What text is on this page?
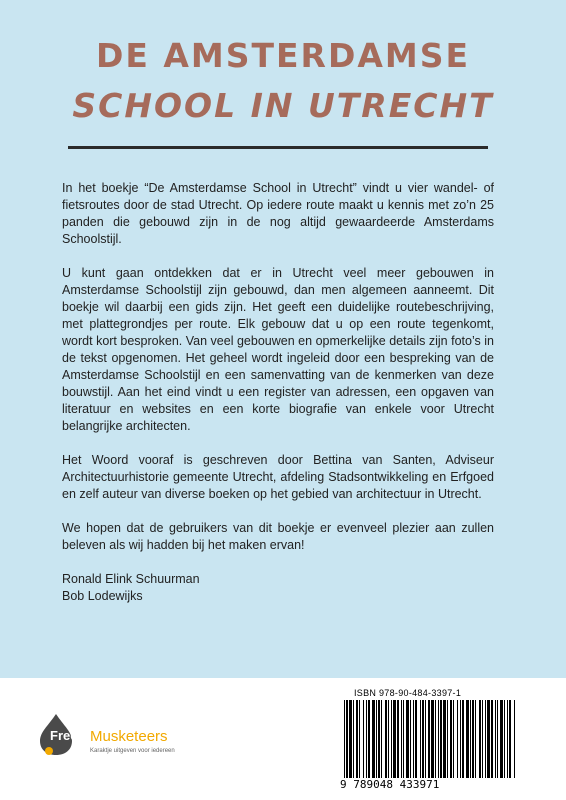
DE AMSTERDAMSE
SCHOOL IN UTRECHT

In het boekje “De Amsterdamse School in Utrecht” vindt u vier wandel- of fietsroutes door de stad Utrecht. Op iedere route maakt u kennis met zo’n 25 panden die gebouwd zijn in de nog altijd gewaardeerde Amsterdams Schoolstijl.

U kunt gaan ontdekken dat er in Utrecht veel meer gebouwen in Amsterdamse Schoolstijl zijn gebouwd, dan men algemeen aanneemt. Dit boekje wil daarbij een gids zijn. Het geeft een duidelijke routebeschrijving, met plattegrondjes per route. Elk gebouw dat u op een route tegenkomt, wordt kort besproken. Van veel gebouwen en opmerkelijke details zijn foto’s in de tekst opgenomen. Het geheel wordt ingeleid door een bespreking van de Amsterdamse Schoolstijl en een samenvatting van de kenmerken van deze bouwstijl. Aan het eind vindt u een register van adressen, een opgaven van literatuur en websites en een korte biografie van enkele voor Utrecht belangrijke architecten.

Het Woord vooraf is geschreven door Bettina van Santen, Adviseur Architectuurhistorie gemeente Utrecht, afdeling Stadsontwikkeling en Erfgoed en zelf auteur van diverse boeken op het gebied van architectuur in Utrecht.

We hopen dat de gebruikers van dit boekje er evenveel plezier aan zullen beleven als wij hadden bij het maken ervan!

Ronald Elink Schuurman

Bob Lodewijks

Free Musketeers
Karaktje uitgeven voor iedereen
ISBN 978-90-484-3397-1
9 789048 433971
